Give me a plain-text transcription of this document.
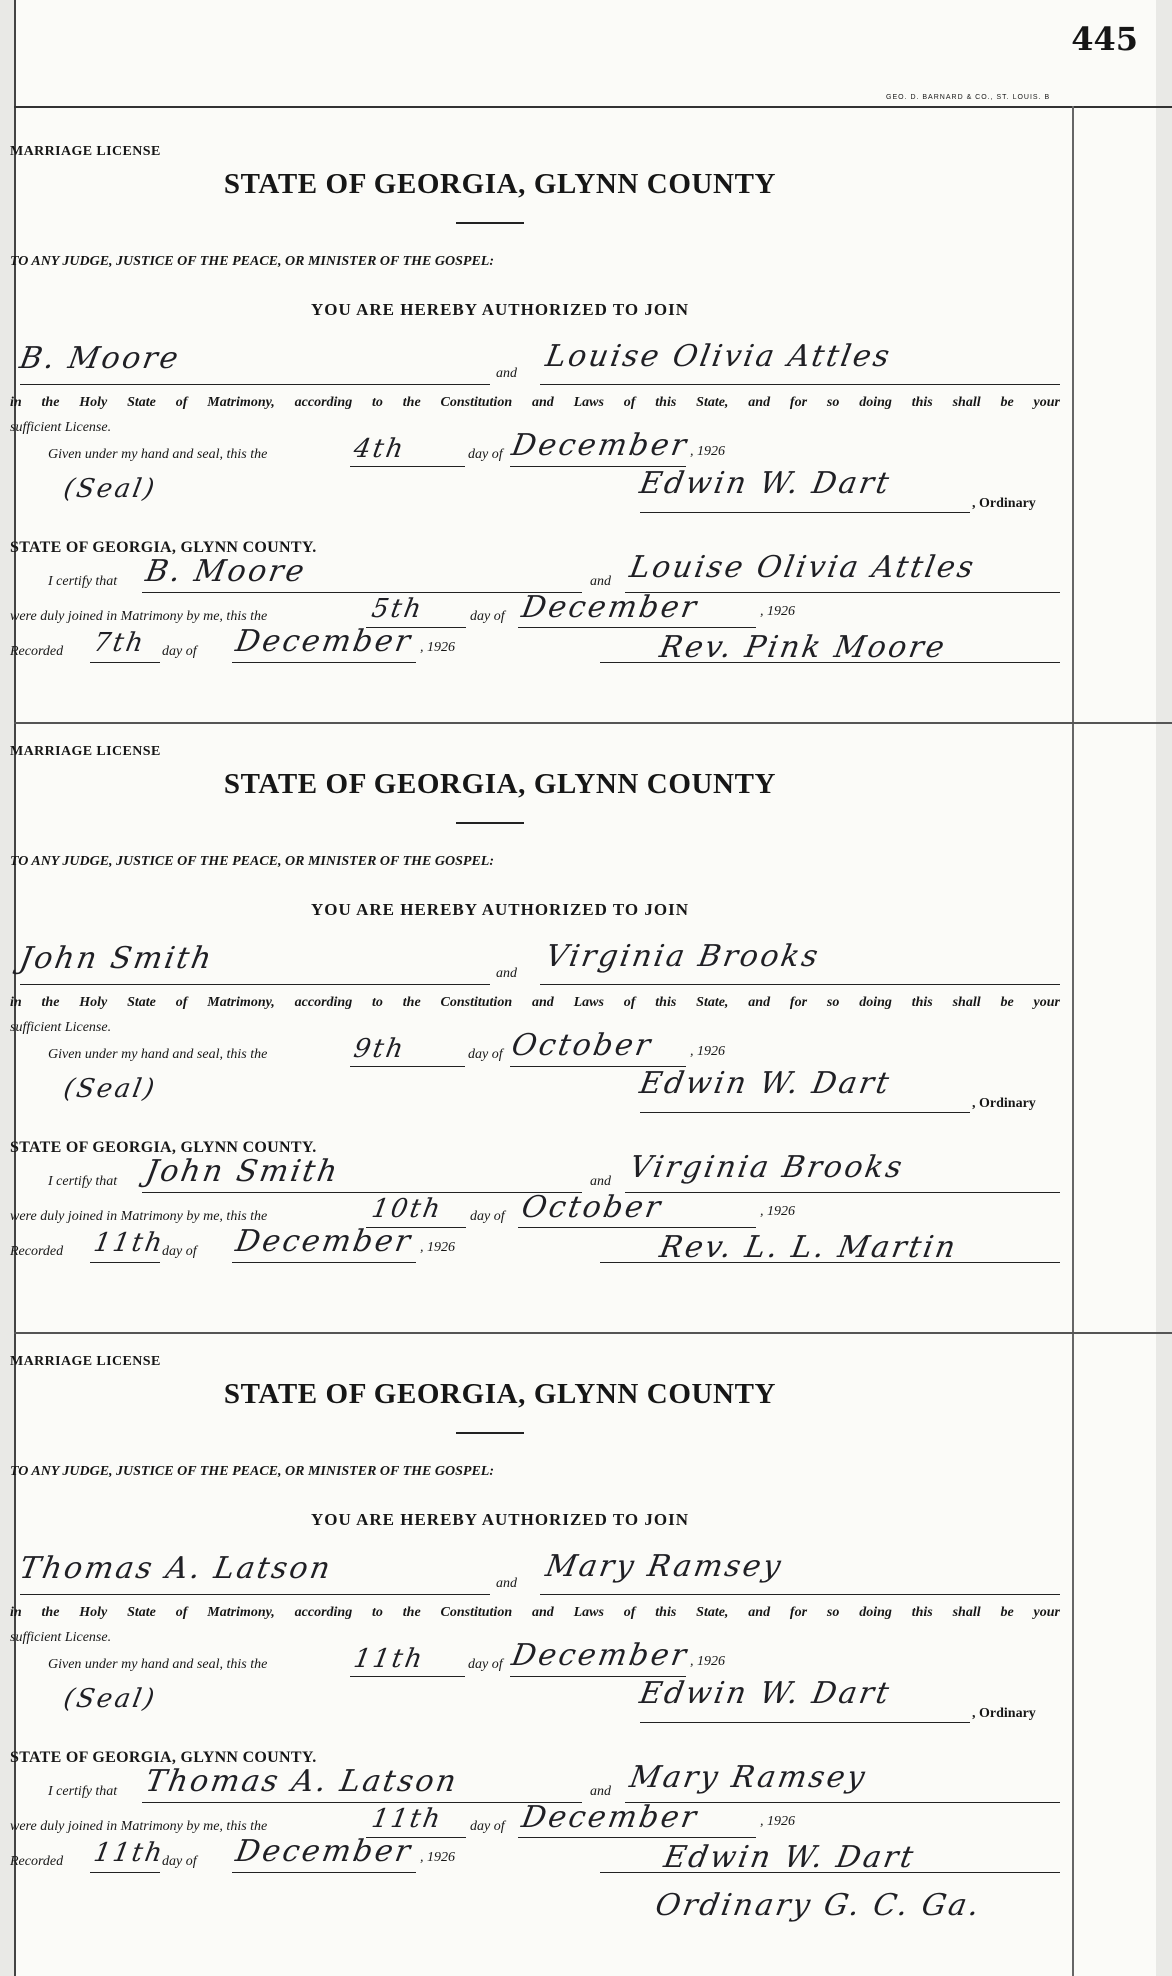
445
GEO. D. BARNARD & CO., ST. LOUIS. B
MARRIAGE LICENSE
STATE OF GEORGIA, GLYNN COUNTY
TO ANY JUDGE, JUSTICE OF THE PEACE, OR MINISTER OF THE GOSPEL:
YOU ARE HEREBY AUTHORIZED TO JOIN
B. Moore	and Louise Olivia Attles
in the Holy State of Matrimony, according to the Constitution and Laws of this State, and for so doing this shall be your
sufficient License.
Given under my hand and seal, this the	4th	day of December
, 1926
(Seal)	Edwin W. Dart
, Ordinary
STATE OF GEORGIA, GLYNN COUNTY.
I certify that B. Moore	and Louise Olivia Attles
were duly joined in Matrimony by me, this the	5th	day of December	, 1926
Recorded 7th day of December , 1926	Rev. Pink Moore
MARRIAGE LICENSE
STATE OF GEORGIA, GLYNN COUNTY
TO ANY JUDGE, JUSTICE OF THE PEACE, OR MINISTER OF THE GOSPEL:
YOU ARE HEREBY AUTHORIZED TO JOIN
John Smith	and Virginia Brooks
in the Holy State of Matrimony, according to the Constitution and Laws of this State, and for so doing this shall be your
sufficient License.
Given under my hand and seal, this the	9th	day of October , 1926
(Seal)	Edwin W. Dart
, Ordinary
STATE OF GEORGIA, GLYNN COUNTY.
I certify that John Smith	and Virginia Brooks
were duly joined in Matrimony by me, this the	10th day of October	, 1926
Recorded 11th
day of December , 1926	Rev. L. L. Martin
MARRIAGE LICENSE
STATE OF GEORGIA, GLYNN COUNTY
TO ANY JUDGE, JUSTICE OF THE PEACE, OR MINISTER OF THE GOSPEL:
YOU ARE HEREBY AUTHORIZED TO JOIN
Thomas A. Latson	and Mary Ramsey
in the Holy State of Matrimony, according to the Constitution and Laws of this State, and for so doing this shall be your
sufficient License.
Given under my hand and seal, this the	11th	day of December
, 1926
(Seal)	Edwin W. Dart
, Ordinary
STATE OF GEORGIA, GLYNN COUNTY.
I certify that Thomas A. Latson	and Mary Ramsey
were duly joined in Matrimony by me, this the	11th day of December	, 1926
Recorded 11th
day of December , 1926	Edwin W. Dart
Ordinary G. C. Ga.
